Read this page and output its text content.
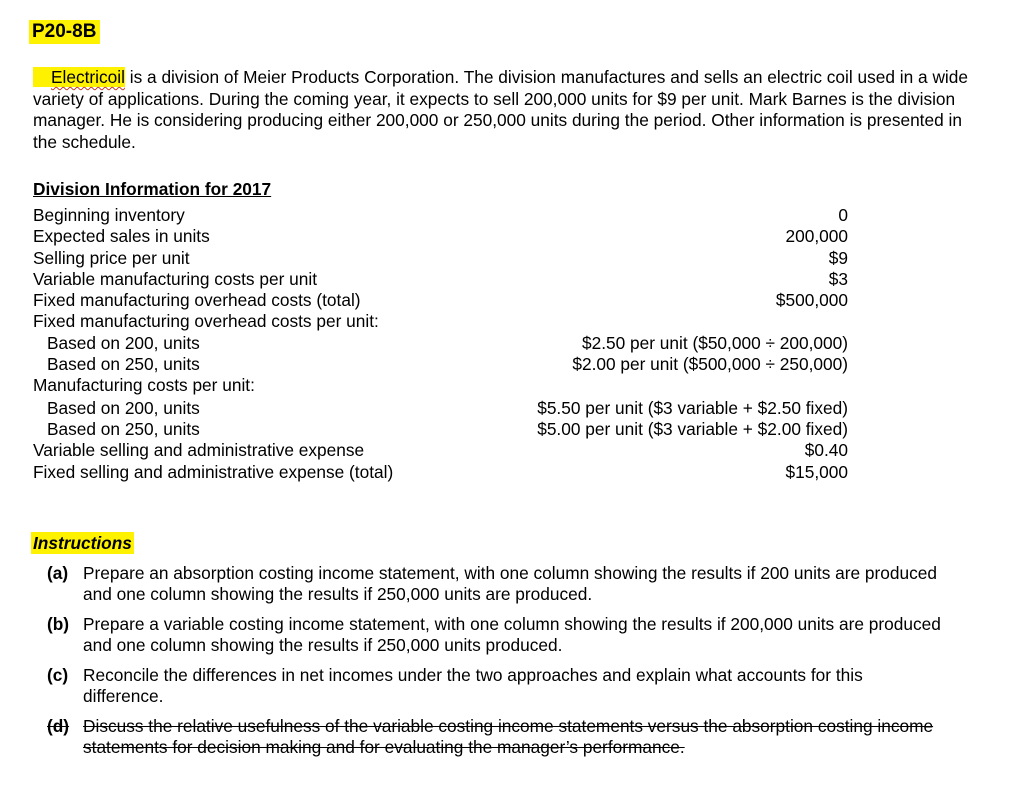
P20-8B
Electricoil is a division of Meier Products Corporation. The division manufactures and sells an electric coil used in a wide variety of applications. During the coming year, it expects to sell 200,000 units for $9 per unit. Mark Barnes is the division manager. He is considering producing either 200,000 or 250,000 units during the period. Other information is presented in the schedule.
Division Information for 2017
Beginning inventory	0
Expected sales in units	200,000
Selling price per unit	$9
Variable manufacturing costs per unit	$3
Fixed manufacturing overhead costs (total)	$500,000
Fixed manufacturing overhead costs per unit:
Based on 200, units	$2.50 per unit ($50,000 ÷ 200,000)
Based on 250, units	$2.00 per unit ($500,000 ÷ 250,000)
Manufacturing costs per unit:
Based on 200, units	$5.50 per unit ($3 variable + $2.50 fixed)
Based on 250, units	$5.00 per unit ($3 variable + $2.00 fixed)
Variable selling and administrative expense	$0.40
Fixed selling and administrative expense (total)	$15,000
Instructions
(a) Prepare an absorption costing income statement, with one column showing the results if 200 units are produced and one column showing the results if 250,000 units are produced.
(b) Prepare a variable costing income statement, with one column showing the results if 200,000 units are produced and one column showing the results if 250,000 units produced.
(c) Reconcile the differences in net incomes under the two approaches and explain what accounts for this difference.
(d) Discuss the relative usefulness of the variable costing income statements versus the absorption costing income statements for decision making and for evaluating the manager’s performance.
